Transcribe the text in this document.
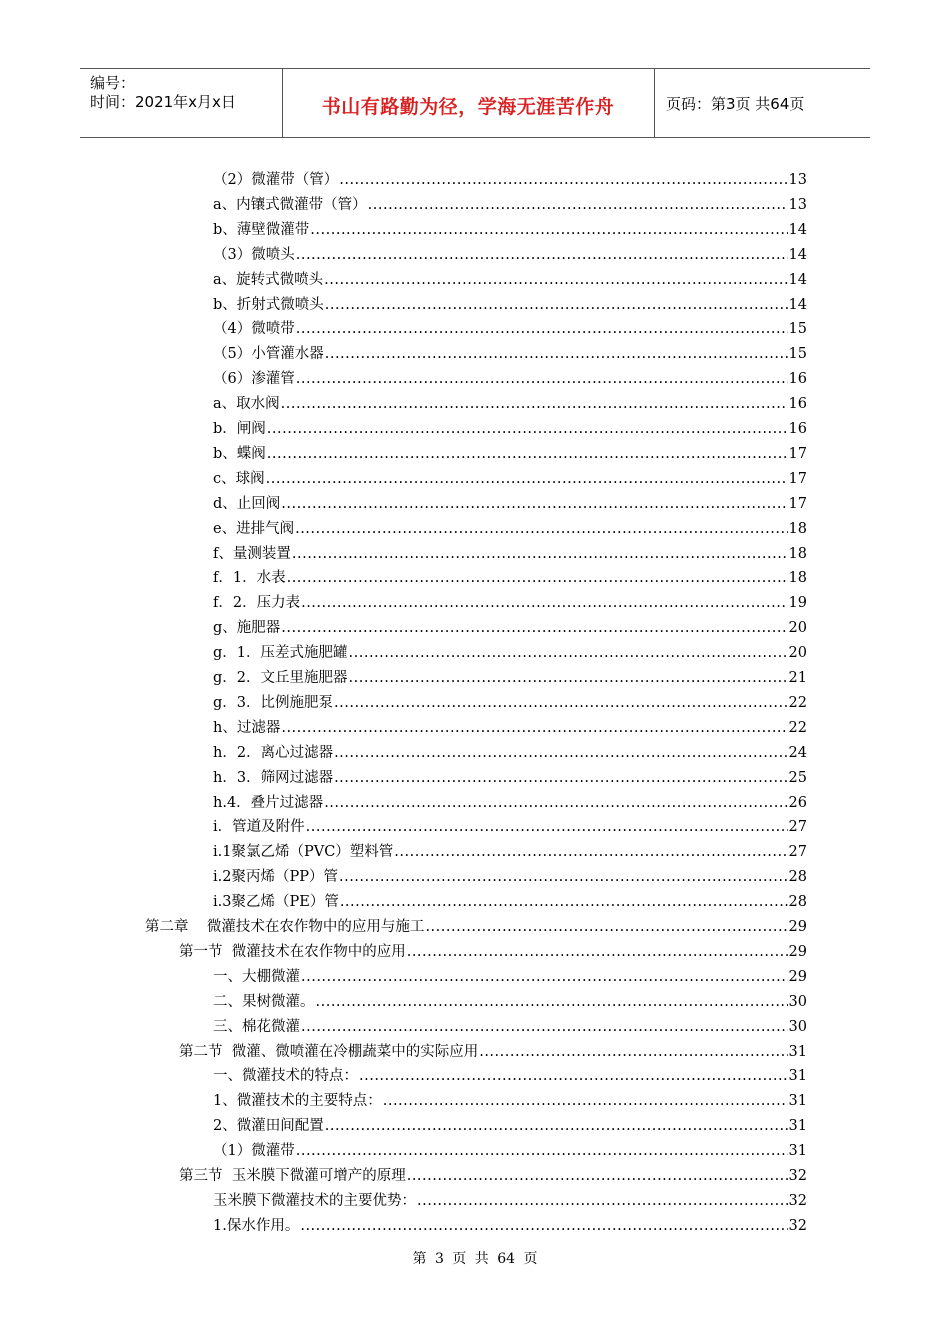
编号：
时间：2021年x月x日	书山有路勤为径，学海无涯苦作舟	页码：第3页 共64页
（2）微灌带（管） .....	13
a、内镶式微灌带（管） .....	13
b、薄壁微灌带 .....	14
（3）微喷头 .....	14
a、旋转式微喷头 .....	14
b、折射式微喷头 .....	14
（4）微喷带 .....	15
（5）小管灌水器 .....	15
（6）渗灌管 .....	16
a、取水阀 .....	16
b．闸阀 .....	16
b、蝶阀 .....	17
c、球阀 .....	17
d、止回阀 .....	17
e、进排气阀 .....	18
f、量测装置 .....	18
f．1．水表 .....	18
f．2．压力表 .....	19
g、施肥器 .....	20
g．1．压差式施肥罐 .....	20
g．2．文丘里施肥器 .....	21
g．3．比例施肥泵 .....	22
h、过滤器 .....	22
h．2．离心过滤器 .....	24
h．3．筛网过滤器 .....	25
h.4．叠片过滤器 .....	26
i．管道及附件 .....	27
i.1聚氯乙烯（PVC）塑料管 .....	27
i.2聚丙烯（PP）管 .....	28
i.3聚乙烯（PE）管 .....	28
第二章    微灌技术在农作物中的应用与施工 .....	29
第一节  微灌技术在农作物中的应用 .....	29
一、大棚微灌 .....	29
二、果树微灌。 .....	30
三、棉花微灌 .....	30
第二节  微灌、微喷灌在冷棚蔬菜中的实际应用 .....	31
一、微灌技术的特点： .....	31
1、微灌技术的主要特点： .....	31
2、微灌田间配置 .....	31
（1）微灌带 .....	31
第三节  玉米膜下微灌可增产的原理 .....	32
玉米膜下微灌技术的主要优势： .....	32
1.保水作用。 .....	32
第 3 页 共 64 页
